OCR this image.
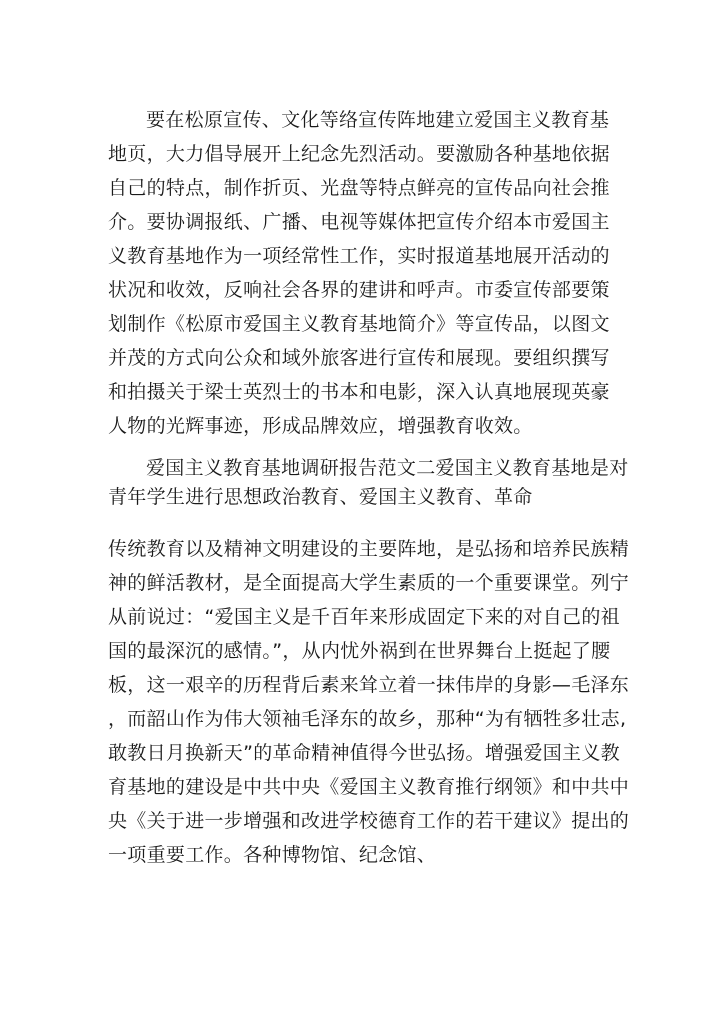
要在松原宣传、文化等络宣传阵地建立爱国主义教育基
地页，大力倡导展开上纪念先烈活动。要激励各种基地依据
自己的特点，制作折页、光盘等特点鲜亮的宣传品向社会推
介。要协调报纸、广播、电视等媒体把宣传介绍本市爱国主
义教育基地作为一项经常性工作，实时报道基地展开活动的
状况和收效，反响社会各界的建讲和呼声。市委宣传部要策
划制作《松原市爱国主义教育基地简介》等宣传品，以图文
并茂的方式向公众和域外旅客进行宣传和展现。要组织撰写
和拍摄关于梁士英烈士的书本和电影，深入认真地展现英豪
人物的光辉事迹，形成品牌效应，增强教育收效。
爱国主义教育基地调研报告范文二爱国主义教育基地是对
青年学生进行思想政治教育、爱国主义教育、革命
传统教育以及精神文明建设的主要阵地，是弘扬和培养民族精
神的鲜活教材，是全面提高大学生素质的一个重要课堂。列宁
从前说过：“爱国主义是千百年来形成固定下来的对自己的祖
国的最深沉的感情。”，从内忧外祸到在世界舞台上挺起了腰
板，这一艰辛的历程背后素来耸立着一抹伟岸的身影—毛泽东
，而韶山作为伟大领袖毛泽东的故乡，那种“为有牺牲多壮志,
敢教日月换新天”的革命精神值得今世弘扬。增强爱国主义教
育基地的建设是中共中央《爱国主义教育推行纲领》和中共中
央《关于进一步增强和改进学校德育工作的若干建议》提出的
一项重要工作。各种博物馆、纪念馆、
